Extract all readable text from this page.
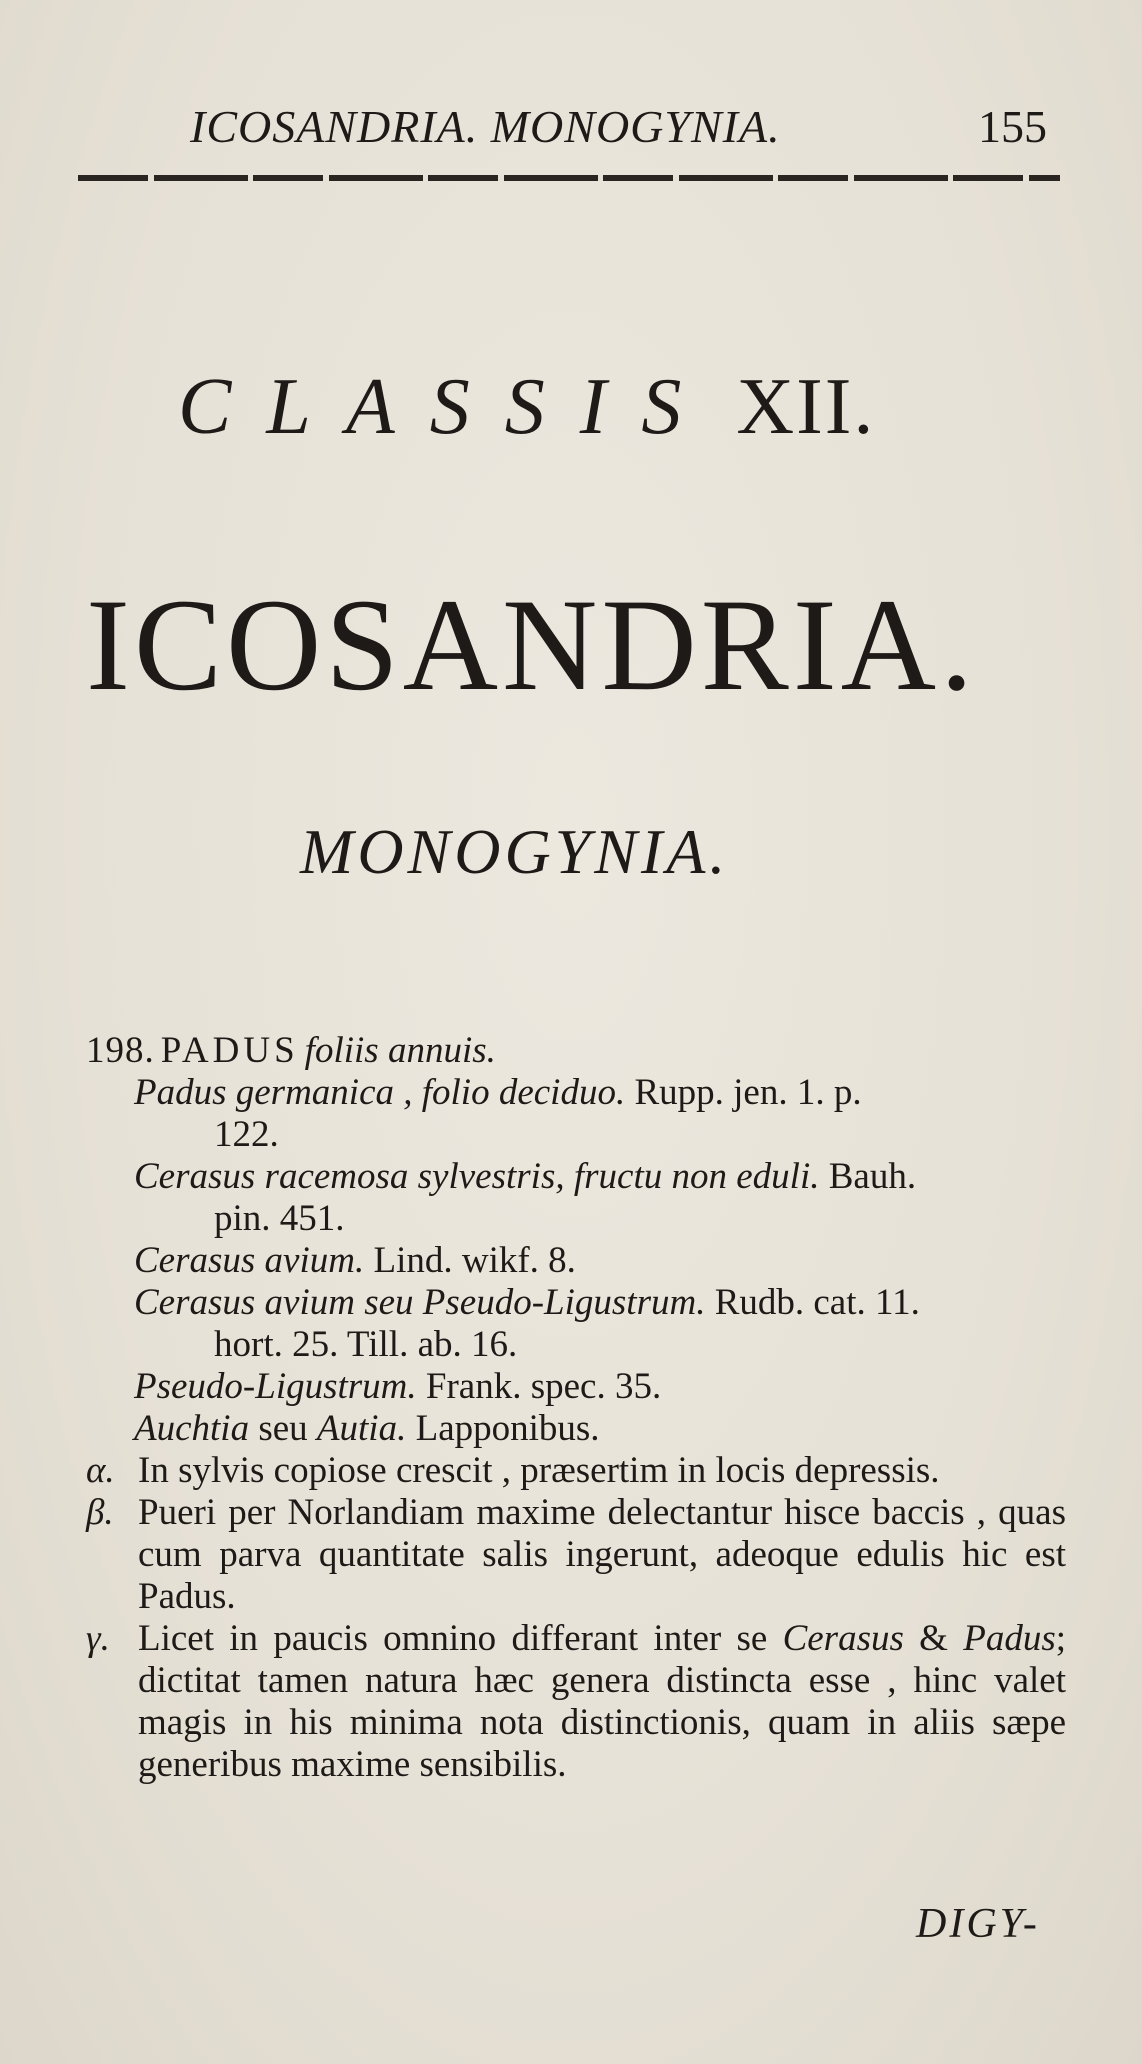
ICOSANDRIA. MONOGYNIA.	155
CLASSIS XII.
ICOSANDRIA.
MONOGYNIA.
198. PADUS foliis annuis.
Padus germanica , folio deciduo. Rupp. jen. 1. p.
122.
Cerasus racemosa sylvestris, fructu non eduli. Bauh.
pin. 451.
Cerasus avium. Lind. wikf. 8.
Cerasus avium seu Pseudo-Ligustrum. Rudb. cat. 11.
hort. 25. Till. ab. 16.
Pseudo-Ligustrum. Frank. spec. 35.
Auchtia seu Autia. Lapponibus.
α. In sylvis copiose crescit , præsertim in locis depressis.
β. Pueri per Norlandiam maxime delectantur hisce baccis , quas cum parva quantitate salis ingerunt, adeoque edulis hic est Padus.
γ. Licet in paucis omnino differant inter se Cerasus & Padus; dictitat tamen natura hæc genera distincta esse , hinc valet magis in his minima nota distinctionis, quam in aliis sæpe generibus maxime sensibilis.
DIGY-
